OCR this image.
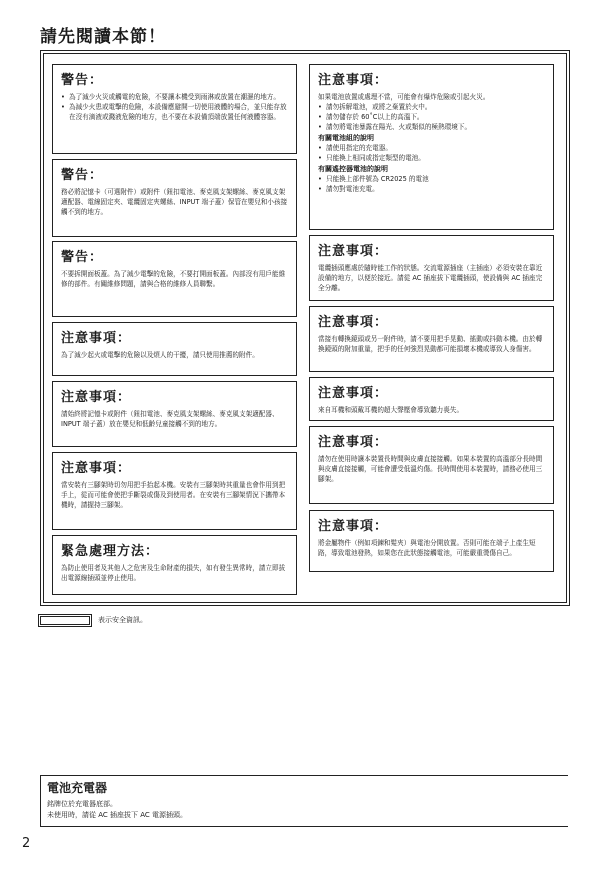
請先閱讀本節！
警告：
• 為了減少火災或觸電的危險，不要讓本機受到雨淋或放置在潮濕的地方。
• 為減少火患或電擊的危險，本設備應避開一切使用液體的場合，並只能存放在沒有滴液或濺液危險的地方，也不要在本設備頂端放置任何液體容器。
警告：

務必將記憶卡（可選附件）或附件（鈕扣電池、麥克風支架螺絲、麥克風支架適配器、電線固定夾、電纜固定夾螺絲、INPUT 端子蓋）保管在嬰兒和小孩接觸不到的地方。

警告：

不要拆開面板蓋。為了減少電擊的危險，不要打開面板蓋。內部沒有用戶能維修的部件。有關維修問題，請與合格的維修人員聯繫。

注意事項：

為了減少起火或電擊的危險以及煩人的干擾，請只使用推薦的附件。

注意事項：

請始終將記憶卡或附件（鈕扣電池、麥克風支架螺絲、麥克風支架適配器、INPUT 端子蓋）放在嬰兒和低齡兒童接觸不到的地方。

注意事項：

當安裝有三腳架時切勿用把手抬起本機。安裝有三腳架時其重量也會作用到把手上，從而可能會使把手斷裂或傷及到使用者。在安裝有三腳架情況下攜帶本機時，請握持三腳架。

緊急處理方法：

為防止使用者及其他人之危害及生命財產的損失，如有發生異常時，請立即拔出電源線插頭並停止使用。

注意事項：

如果電池放置或處理不當，可能會有爆炸危險或引起火災。

• 請勿拆解電池，或將之棄置於火中。
• 請勿儲存於 60˚C以上的高溫下。
• 請勿將電池暴露在陽光、火或類似的極熱環境下。
有關電池組的說明
• 請使用指定的充電器。
• 只能換上相同或指定類型的電池。
有關遙控器電池的說明
• 只能換上部件號為 CR2025 的電池
• 請勿對電池充電。
注意事項：

電纜插頭應處於隨時能工作的狀態。交流電源插座（主插座）必須安裝在靠近設備的地方，以便於接近。請從 AC 插座拔下電纜插頭，使設備與 AC 插座完全分離。

注意事項：

當接有轉換鏡頭或另一附件時，請不要用把手晃動、搖動或抖動本機。由於轉換鏡頭的附加重量，把手的任何強烈晃動都可能損壞本機或導致人身傷害。

注意事項：

來自耳機和頭戴耳機的超大聲壓會導致聽力喪失。

注意事項：

請勿在使用時讓本裝置長時間與皮膚直接接觸。如果本裝置的高溫部分長時間與皮膚直接接觸，可能會遭受低溫灼傷。長時間使用本裝置時，請務必使用三腳架。

注意事項：

將金屬物件（例如項鍊和髮夾）與電池分開放置。否則可能在端子上產生短路，導致電池發熱，如果您在此狀態接觸電池，可能嚴重燙傷自己。

表示安全資訊。
電池充電器

銘牌位於充電器底部。

未使用時，請從 AC 插座拔下 AC 電源插頭。

2
